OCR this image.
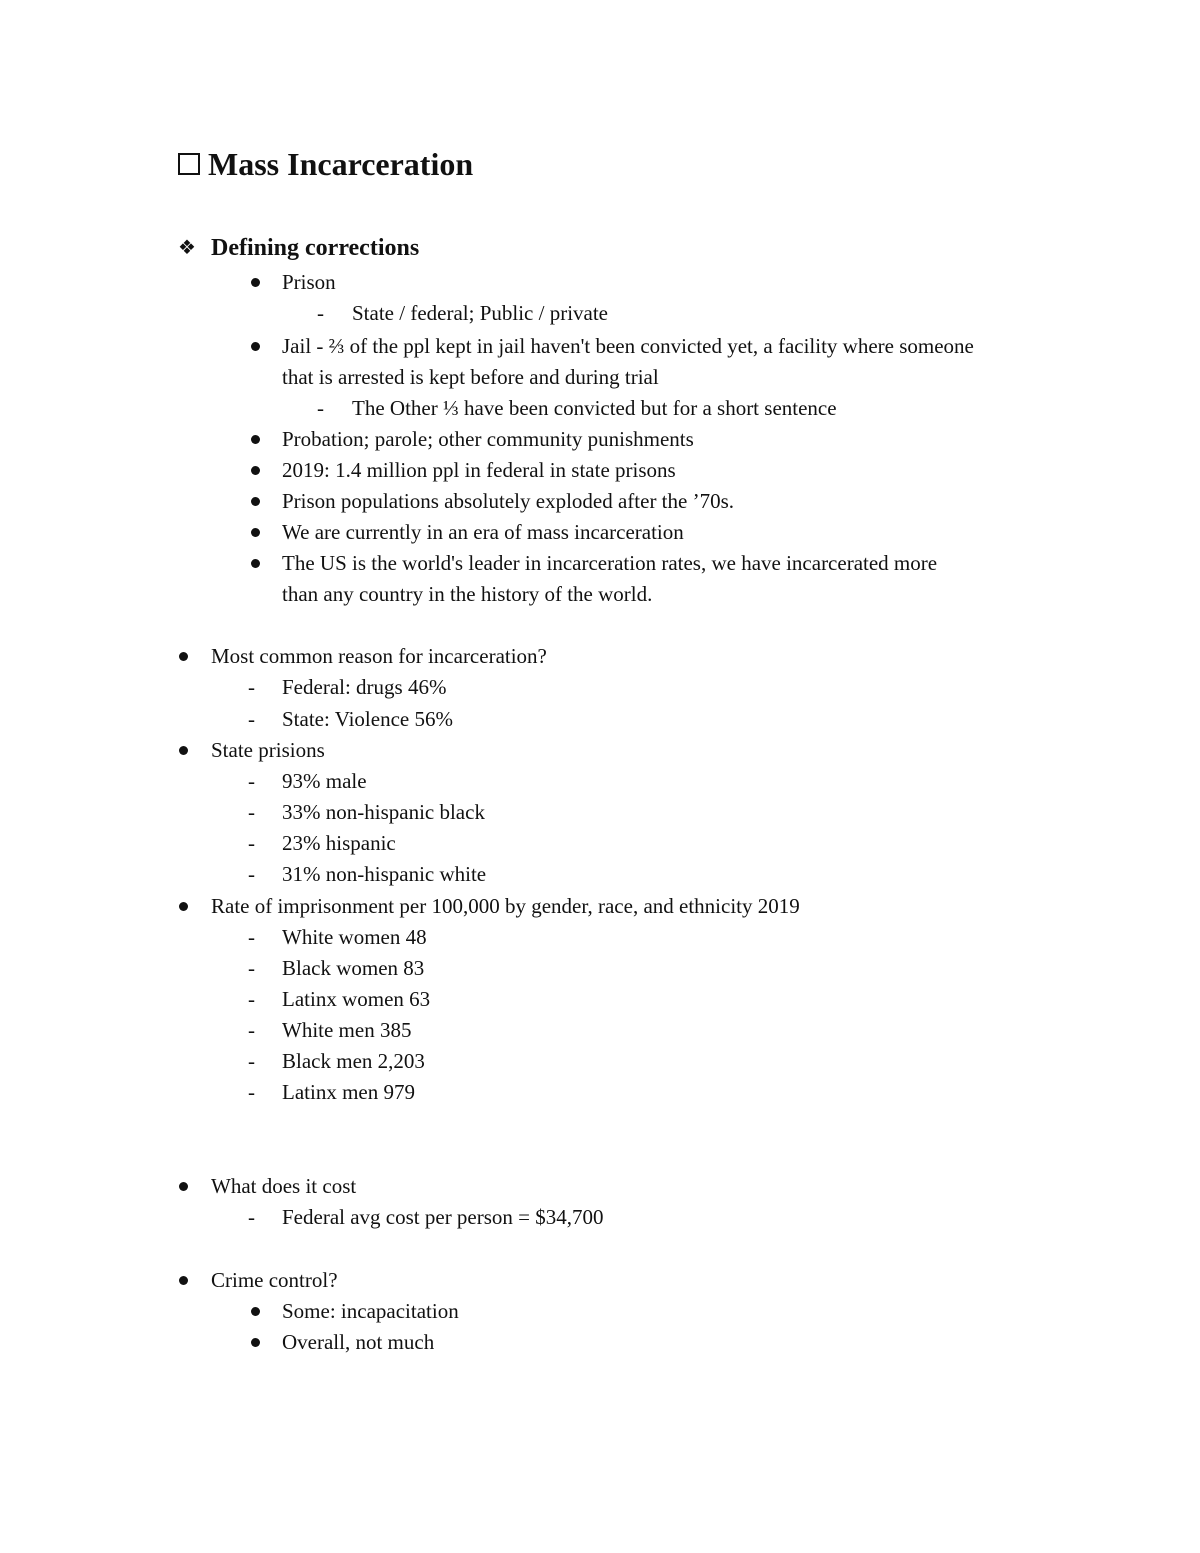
Mass Incarceration
❖ Defining corrections
Prison
- State / federal; Public / private
Jail - ⅔ of the ppl kept in jail haven't been convicted yet, a facility where someone
that is arrested is kept before and during trial
- The Other ⅓ have been convicted but for a short sentence
Probation; parole; other community punishments
2019: 1.4 million ppl in federal in state prisons
Prison populations absolutely exploded after the ’70s.
We are currently in an era of mass incarceration
The US is the world's leader in incarceration rates, we have incarcerated more
than any country in the history of the world.
Most common reason for incarceration?
- Federal: drugs 46%
- State: Violence 56%
State prisions
- 93% male
- 33% non-hispanic black
- 23% hispanic
- 31% non-hispanic white
Rate of imprisonment per 100,000 by gender, race, and ethnicity 2019
- White women 48
- Black women 83
- Latinx women 63
- White men 385
- Black men 2,203
- Latinx men 979
What does it cost
- Federal avg cost per person = $34,700
Crime control?
Some: incapacitation
Overall, not much
